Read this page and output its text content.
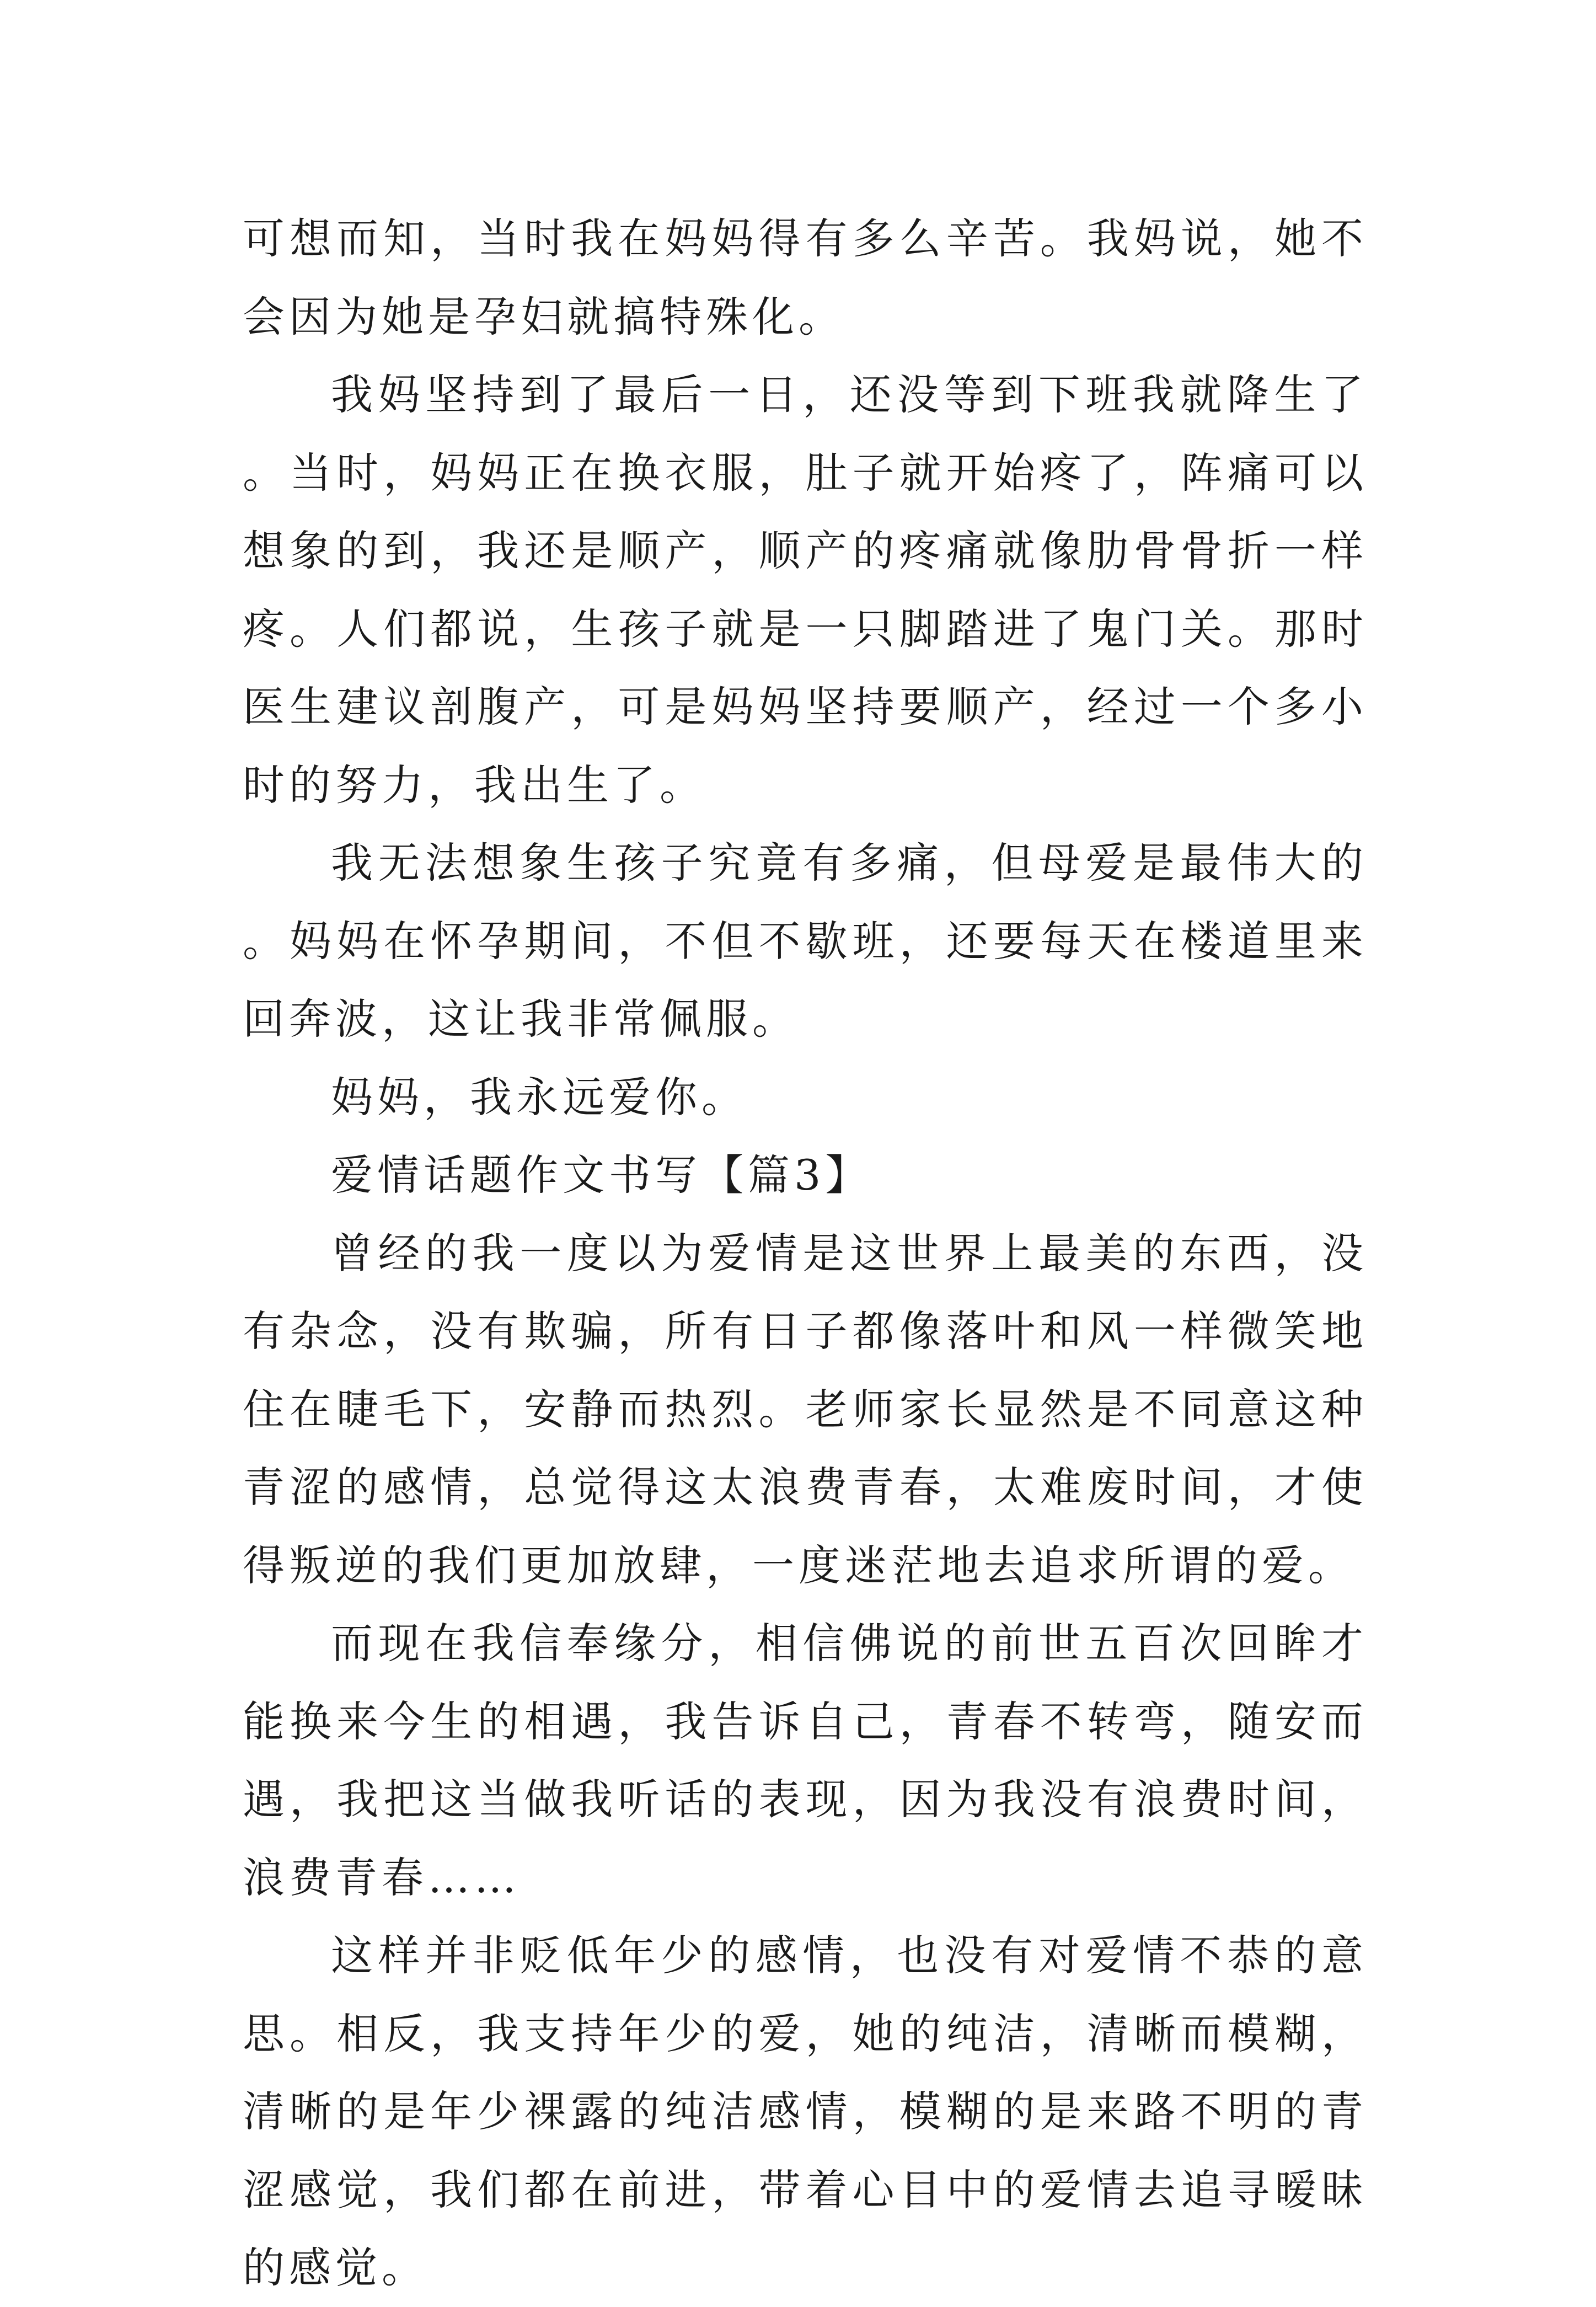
可想而知，当时我在妈妈得有多么辛苦。我妈说，她不会因为她是孕妇就搞特殊化。

我妈坚持到了最后一日，还没等到下班我就降生了。当时，妈妈正在换衣服，肚子就开始疼了，阵痛可以想象的到，我还是顺产，顺产的疼痛就像肋骨骨折一样疼。人们都说，生孩子就是一只脚踏进了鬼门关。那时医生建议剖腹产，可是妈妈坚持要顺产，经过一个多小时的努力，我出生了。

我无法想象生孩子究竟有多痛，但母爱是最伟大的。妈妈在怀孕期间，不但不歇班，还要每天在楼道里来回奔波，这让我非常佩服。

妈妈，我永远爱你。

爱情话题作文书写【篇3】

曾经的我一度以为爱情是这世界上最美的东西，没有杂念，没有欺骗，所有日子都像落叶和风一样微笑地住在睫毛下，安静而热烈。老师家长显然是不同意这种青涩的感情，总觉得这太浪费青春，太难废时间，才使得叛逆的我们更加放肆，一度迷茫地去追求所谓的爱。

而现在我信奉缘分，相信佛说的前世五百次回眸才能换来今生的相遇，我告诉自己，青春不转弯，随安而遇，我把这当做我听话的表现，因为我没有浪费时间，浪费青春……

这样并非贬低年少的感情，也没有对爱情不恭的意思。相反，我支持年少的爱，她的纯洁，清晰而模糊，清晰的是年少裸露的纯洁感情，模糊的是来路不明的青涩感觉，我们都在前进，带着心目中的爱情去追寻暧昧的感觉。
